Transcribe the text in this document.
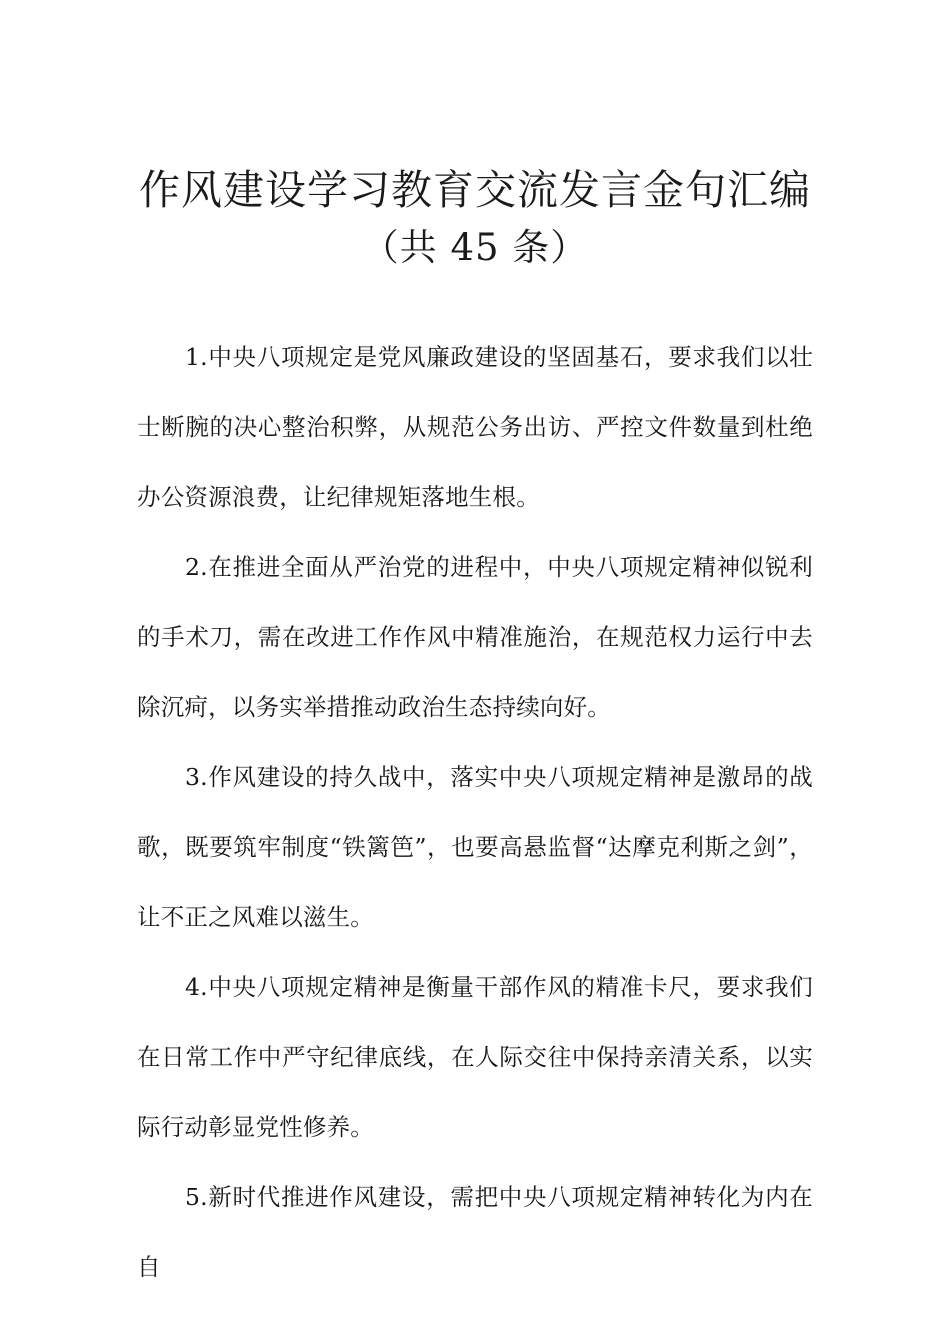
作风建设学习教育交流发言金句汇编
（共 45 条）

1.中央八项规定是党风廉政建设的坚固基石，要求我们以壮士断腕的决心整治积弊，从规范公务出访、严控文件数量到杜绝办公资源浪费，让纪律规矩落地生根。

2.在推进全面从严治党的进程中，中央八项规定精神似锐利的手术刀，需在改进工作作风中精准施治，在规范权力运行中去除沉疴，以务实举措推动政治生态持续向好。

3.作风建设的持久战中，落实中央八项规定精神是激昂的战歌，既要筑牢制度“铁篱笆”，也要高悬监督“达摩克利斯之剑”，让不正之风难以滋生。

4.中央八项规定精神是衡量干部作风的精准卡尺，要求我们在日常工作中严守纪律底线，在人际交往中保持亲清关系，以实际行动彰显党性修养。

5.新时代推进作风建设，需把中央八项规定精神转化为内在自
